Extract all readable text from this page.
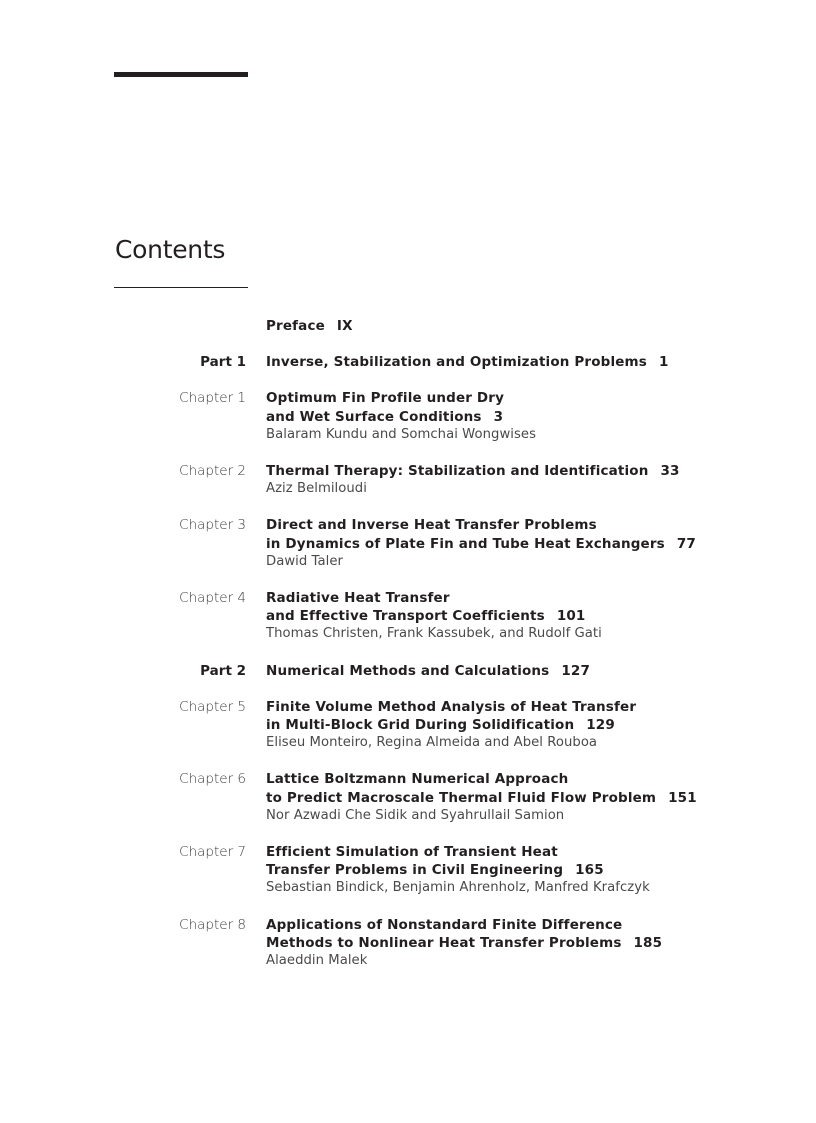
Contents
Preface IX
Part 1 Inverse, Stabilization and Optimization Problems 1
Chapter 1 Optimum Fin Profile under Dry
and Wet Surface Conditions 3
Balaram Kundu and Somchai Wongwises
Chapter 2 Thermal Therapy: Stabilization and Identification 33
Aziz Belmiloudi
Chapter 3 Direct and Inverse Heat Transfer Problems
in Dynamics of Plate Fin and Tube Heat Exchangers 77
Dawid Taler
Chapter 4 Radiative Heat Transfer
and Effective Transport Coefficients 101
Thomas Christen, Frank Kassubek, and Rudolf Gati
Part 2 Numerical Methods and Calculations 127
Chapter 5 Finite Volume Method Analysis of Heat Transfer
in Multi-Block Grid During Solidification 129
Eliseu Monteiro, Regina Almeida and Abel Rouboa
Chapter 6 Lattice Boltzmann Numerical Approach
to Predict Macroscale Thermal Fluid Flow Problem 151
Nor Azwadi Che Sidik and Syahrullail Samion
Chapter 7 Efficient Simulation of Transient Heat
Transfer Problems in Civil Engineering 165
Sebastian Bindick, Benjamin Ahrenholz, Manfred Krafczyk
Chapter 8 Applications of Nonstandard Finite Difference
Methods to Nonlinear Heat Transfer Problems 185
Alaeddin Malek
